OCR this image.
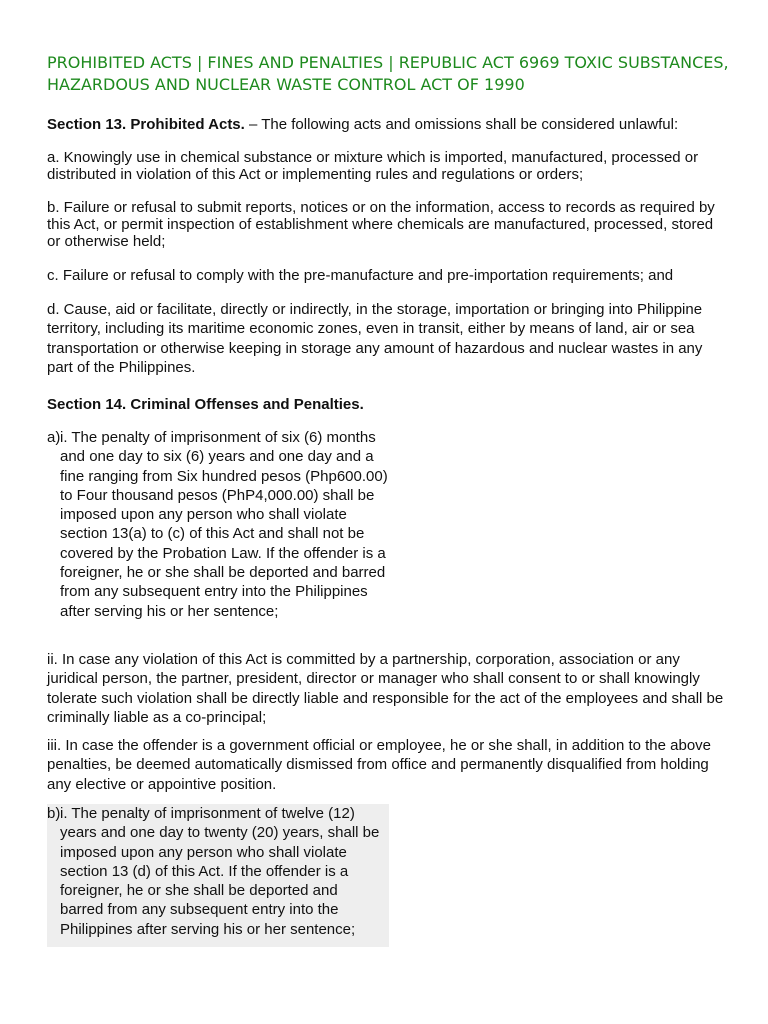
PROHIBITED ACTS | FINES AND PENALTIES | REPUBLIC ACT 6969 TOXIC SUBSTANCES, HAZARDOUS AND NUCLEAR WASTE CONTROL ACT OF 1990

Section 13. Prohibited Acts. – The following acts and omissions shall be considered unlawful:

a. Knowingly use in chemical substance or mixture which is imported, manufactured, processed or distributed in violation of this Act or implementing rules and regulations or orders;

b. Failure or refusal to submit reports, notices or on the information, access to records as required by this Act, or permit inspection of establishment where chemicals are manufactured, processed, stored or otherwise held;

c. Failure or refusal to comply with the pre-manufacture and pre-importation requirements; and

d. Cause, aid or facilitate, directly or indirectly, in the storage, importation or bringing into Philippine territory, including its maritime economic zones, even in transit, either by means of land, air or sea transportation or otherwise keeping in storage any amount of hazardous and nuclear wastes in any part of the Philippines.

Section 14. Criminal Offenses and Penalties.

a) i. The penalty of imprisonment of six (6) months and one day to six (6) years and one day and a fine ranging from Six hundred pesos (Php600.00) to Four thousand pesos (PhP4,000.00) shall be imposed upon any person who shall violate section 13(a) to (c) of this Act and shall not be covered by the Probation Law. If the offender is a foreigner, he or she shall be deported and barred from any subsequent entry into the Philippines after serving his or her sentence;

ii. In case any violation of this Act is committed by a partnership, corporation, association or any juridical person, the partner, president, director or manager who shall consent to or shall knowingly tolerate such violation shall be directly liable and responsible for the act of the employees and shall be criminally liable as a co-principal;

iii. In case the offender is a government official or employee, he or she shall, in addition to the above penalties, be deemed automatically dismissed from office and permanently disqualified from holding any elective or appointive position.

b) i. The penalty of imprisonment of twelve (12) years and one day to twenty (20) years, shall be imposed upon any person who shall violate section 13 (d) of this Act. If the offender is a foreigner, he or she shall be deported and barred from any subsequent entry into the Philippines after serving his or her sentence;
